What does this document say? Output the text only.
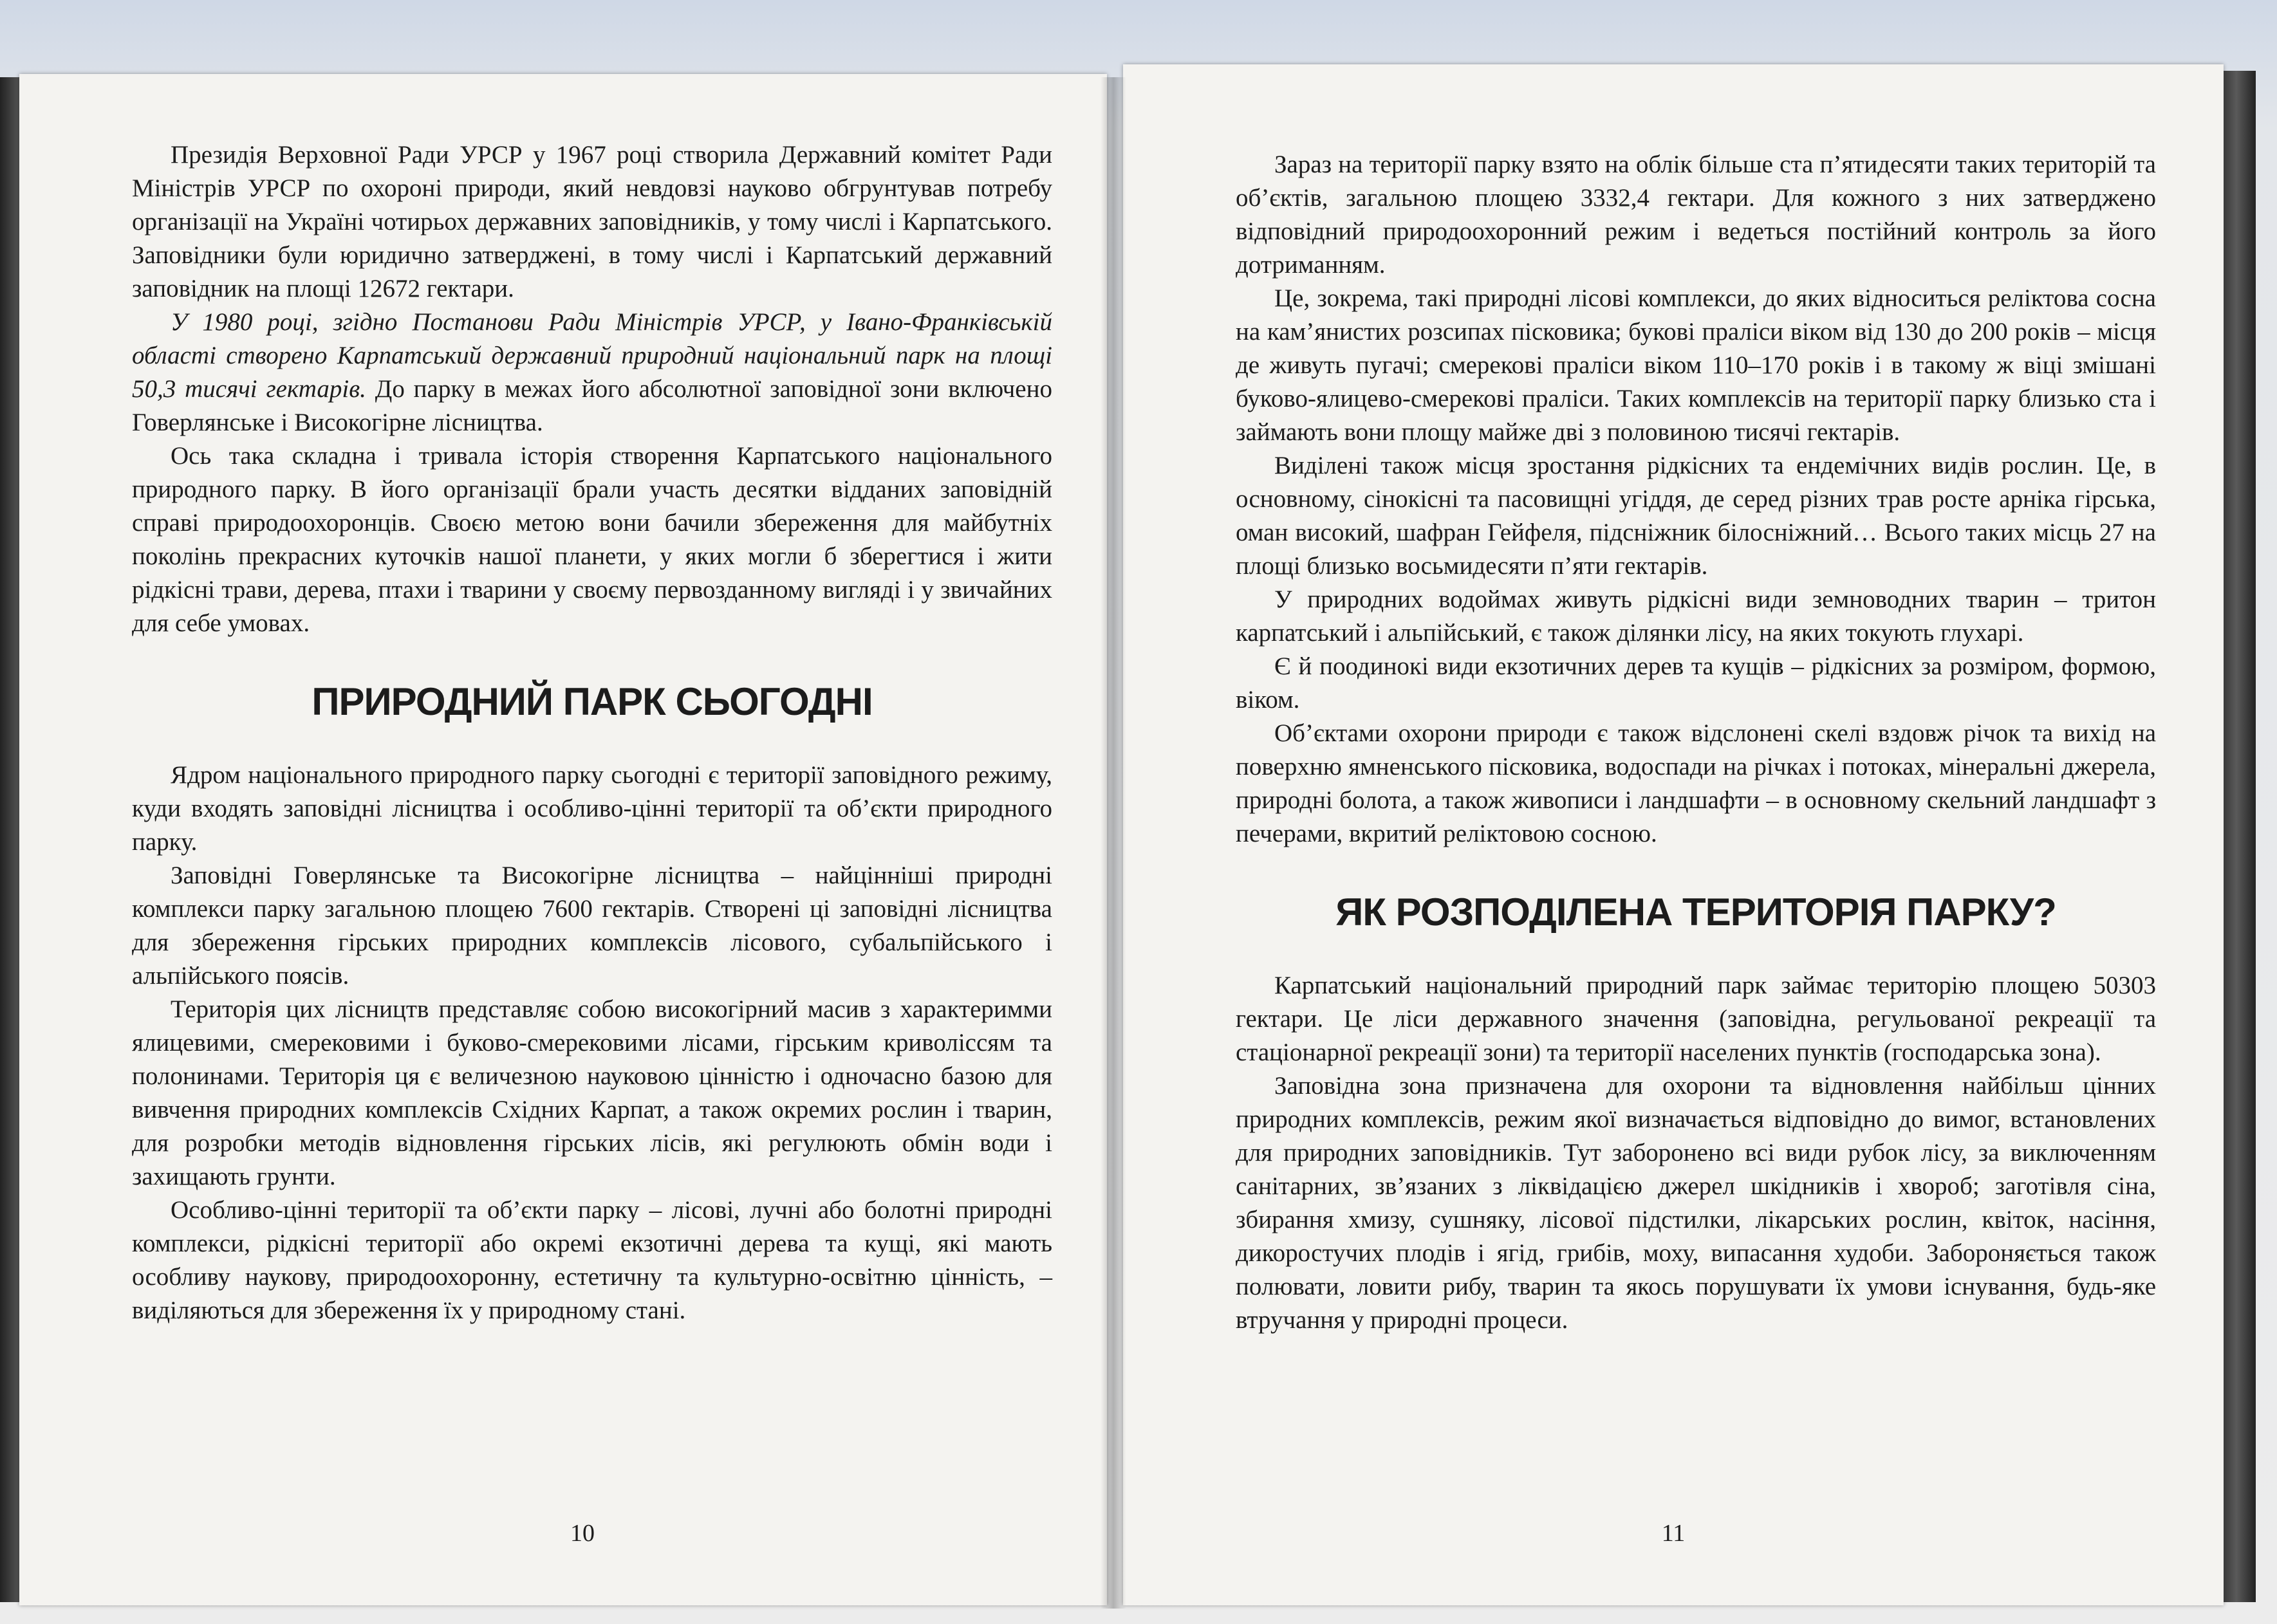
Президія Верховної Ради УРСР у 1967 році створила Державний комітет Ради Міністрів УРСР по охороні природи, який невдовзі науково обгрунтував потребу організації на Україні чотирьох державних заповідників, у тому числі і Карпатського. Заповідники були юридично затверджені, в тому числі і Карпатський державний заповідник на площі 12672 гектари.

У 1980 році, згідно Постанови Ради Міністрів УРСР, у Івано-Франківській області створено Карпатський державний природний національний парк на площі 50,3 тисячі гектарів. До парку в межах його абсолютної заповідної зони включено Говерлянське і Високогірне лісництва.

Ось така складна і тривала історія створення Карпатського національного природного парку. В його організації брали участь десятки відданих заповідній справі природоохоронців. Своєю метою вони бачили збереження для майбутніх поколінь прекрасних куточків нашої планети, у яких могли б зберегтися і жити рідкісні трави, дерева, птахи і тварини у своєму первозданному вигляді і у звичайних для себе умовах.

ПРИРОДНИЙ ПАРК СЬОГОДНІ

Ядром національного природного парку сьогодні є території заповідного режиму, куди входять заповідні лісництва і особливо-цінні території та об’єкти природного парку.

Заповідні Говерлянське та Високогірне лісництва – найцінніші природні комплекси парку загальною площею 7600 гектарів. Створені ці заповідні лісництва для збереження гірських природних комплексів лісового, субальпійського і альпійського поясів.

Територія цих лісництв представляє собою високогірний масив з характеримми ялицевими, смерековими і буково-смерековими лісами, гірським криволіссям та полонинами. Територія ця є величезною науковою цінністю і одночасно базою для вивчення природних комплексів Східних Карпат, а також окремих рослин і тварин, для розробки методів відновлення гірських лісів, які регулюють обмін води і захищають грунти.

Особливо-цінні території та об’єкти парку – лісові, лучні або болотні природні комплекси, рідкісні території або окремі екзотичні дерева та кущі, які мають особливу наукову, природоохоронну, естетичну та культурно-освітню цінність, – виділяються для збереження їх у природному стані.

10

Зараз на території парку взято на облік більше ста п’ятидесяти таких територій та об’єктів, загальною площею 3332,4 гектари. Для кожного з них затверджено відповідний природоохоронний режим і ведеться постійний контроль за його дотриманням.

Це, зокрема, такі природні лісові комплекси, до яких відноситься реліктова сосна на кам’янистих розсипах пісковика; букові праліси віком від 130 до 200 років – місця де живуть пугачі; смерекові праліси віком 110–170 років і в такому ж віці змішані буково-ялицево-смерекові праліси. Таких комплексів на території парку близько ста і займають вони площу майже дві з половиною тисячі гектарів.

Виділені також місця зростання рідкісних та ендемічних видів рослин. Це, в основному, сінокісні та пасовищні угіддя, де серед різних трав росте арніка гірська, оман високий, шафран Гейфеля, підсніжник білосніжний… Всього таких місць 27 на площі близько восьмидесяти п’яти гектарів.

У природних водоймах живуть рідкісні види земноводних тварин – тритон карпатський і альпійський, є також ділянки лісу, на яких токують глухарі.

Є й поодинокі види екзотичних дерев та кущів – рідкісних за розміром, формою, віком.

Об’єктами охорони природи є також відслонені скелі вздовж річок та вихід на поверхню ямненського пісковика, водоспади на річках і потоках, мінеральні джерела, природні болота, а також живописи і ландшафти – в основному скельний ландшафт з печерами, вкритий реліктовою сосною.

ЯК РОЗПОДІЛЕНА ТЕРИТОРІЯ ПАРКУ?

Карпатський національний природний парк займає територію площею 50303 гектари. Це ліси державного значення (заповідна, регульованої рекреації та стаціонарної рекреації зони) та території населених пунктів (господарська зона).

Заповідна зона призначена для охорони та відновлення найбільш цінних природних комплексів, режим якої визначається відповідно до вимог, встановлених для природних заповідників. Тут заборонено всі види рубок лісу, за виключенням санітарних, зв’язаних з ліквідацією джерел шкідників і хвороб; заготівля сіна, збирання хмизу, сушняку, лісової підстилки, лікарських рослин, квіток, насіння, дикоростучих плодів і ягід, грибів, моху, випасання худоби. Забороняється також полювати, ловити рибу, тварин та якось порушувати їх умови існування, будь-яке втручання у природні процеси.

11
